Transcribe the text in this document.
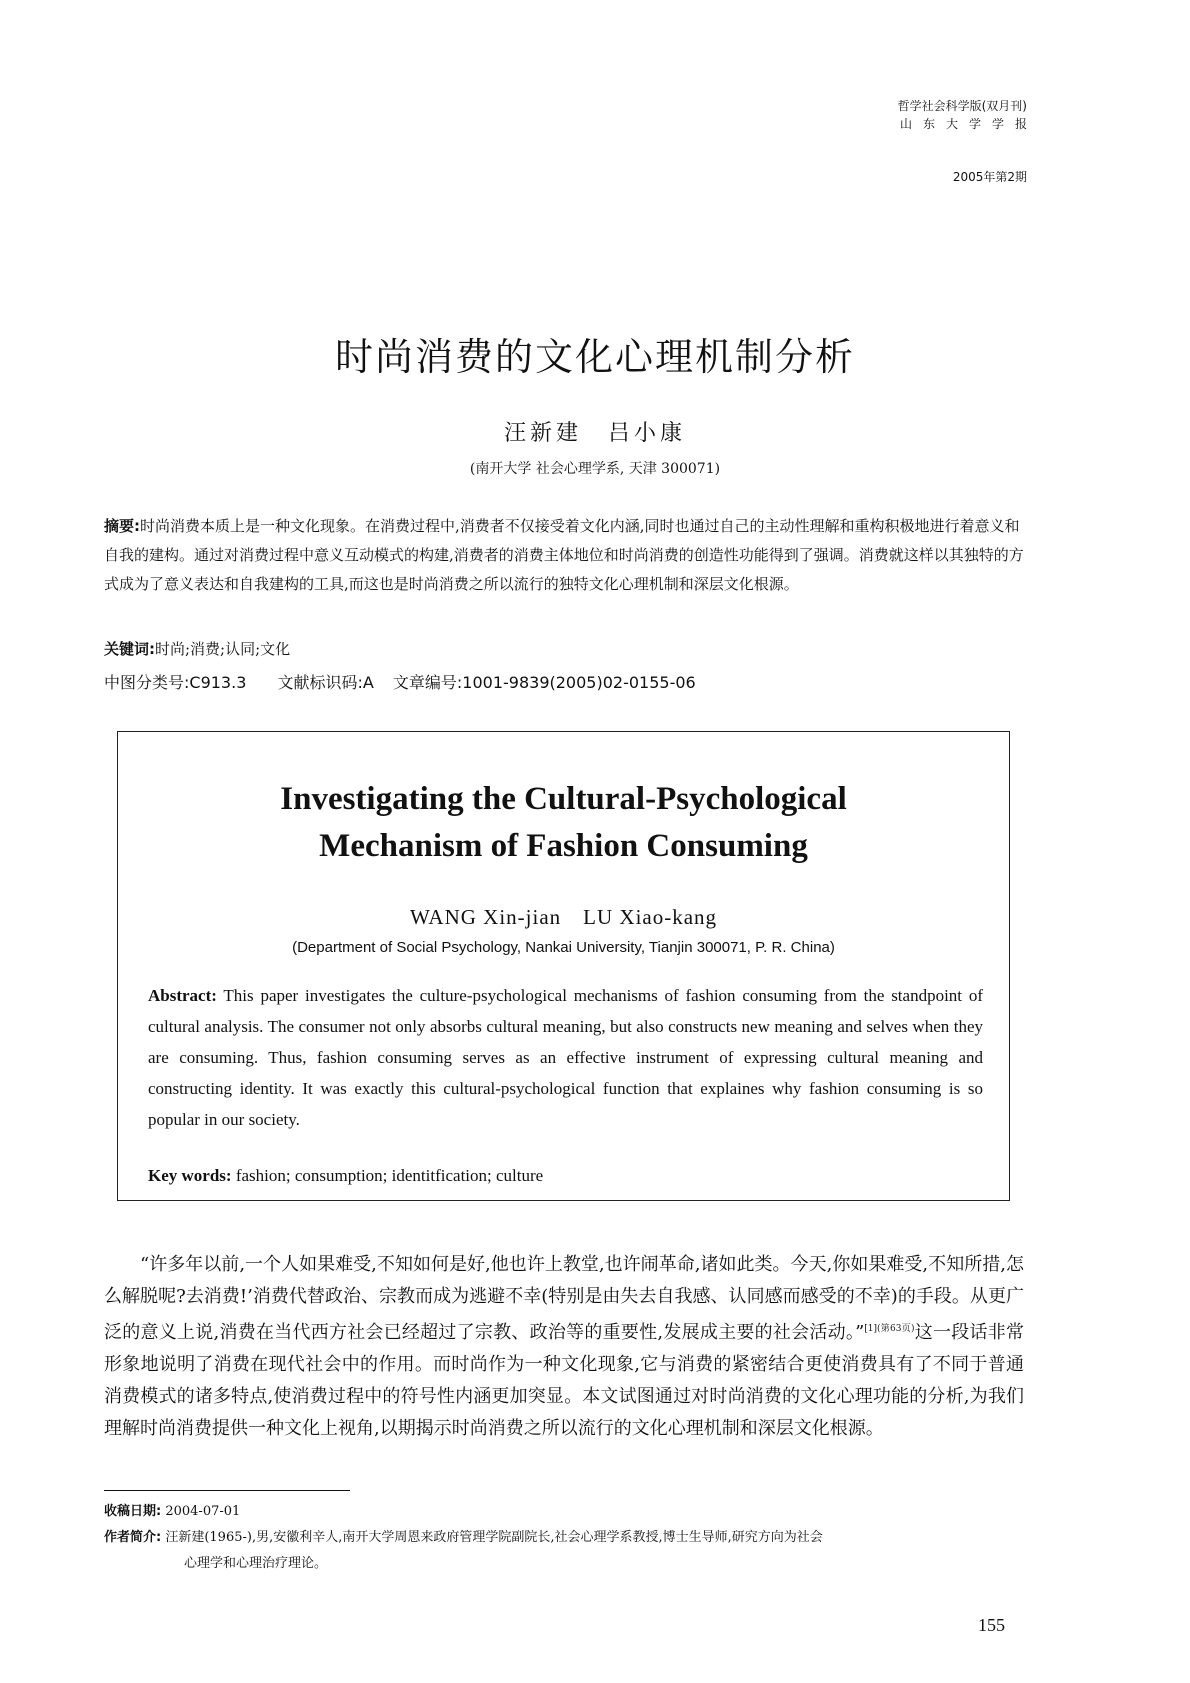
哲学社会科学版(双月刊)
山东大学学报
2005年第2期
时尚消费的文化心理机制分析
汪新建　吕小康
(南开大学 社会心理学系, 天津 300071)
摘要:时尚消费本质上是一种文化现象。在消费过程中,消费者不仅接受着文化内涵,同时也通过自己的主动性理解和重构积极地进行着意义和自我的建构。通过对消费过程中意义互动模式的构建,消费者的消费主体地位和时尚消费的创造性功能得到了强调。消费就这样以其独特的方式成为了意义表达和自我建构的工具,而这也是时尚消费之所以流行的独特文化心理机制和深层文化根源。
关键词:时尚;消费;认同;文化
中图分类号:C913.3 文献标识码:A 文章编号:1001-9839(2005)02-0155-06
Investigating the Cultural-Psychological
Mechanism of Fashion Consuming
WANG Xin-jian　LU Xiao-kang
(Department of Social Psychology, Nankai University, Tianjin 300071, P. R. China)
Abstract: This paper investigates the culture-psychological mechanisms of fashion consuming from the standpoint of cultural analysis. The consumer not only absorbs cultural meaning, but also constructs new meaning and selves when they are consuming. Thus, fashion consuming serves as an effective instrument of expressing cultural meaning and constructing identity. It was exactly this cultural-psychological function that explaines why fashion consuming is so popular in our society.
Key words: fashion; consumption; identitfication; culture

“许多年以前,一个人如果难受,不知如何是好,他也许上教堂,也许闹革命,诸如此类。今天,你如果难受,不知所措,怎么解脱呢?去消费!’消费代替政治、宗教而成为逃避不幸(特别是由失去自我感、认同感而感受的不幸)的手段。从更广泛的意义上说,消费在当代西方社会已经超过了宗教、政治等的重要性,发展成主要的社会活动。”$^{[1](第63页)}$这一段话非常形象地说明了消费在现代社会中的作用。而时尚作为一种文化现象,它与消费的紧密结合更使消费具有了不同于普通消费模式的诸多特点,使消费过程中的符号性内涵更加突显。本文试图通过对时尚消费的文化心理功能的分析,为我们理解时尚消费提供一种文化上视角,以期揭示时尚消费之所以流行的文化心理机制和深层文化根源。

收稿日期: 2004-07-01
作者简介: 汪新建(1965-),男,安徽利辛人,南开大学周恩来政府管理学院副院长,社会心理学系教授,博士生导师,研究方向为社会
心理学和心理治疗理论。
155
